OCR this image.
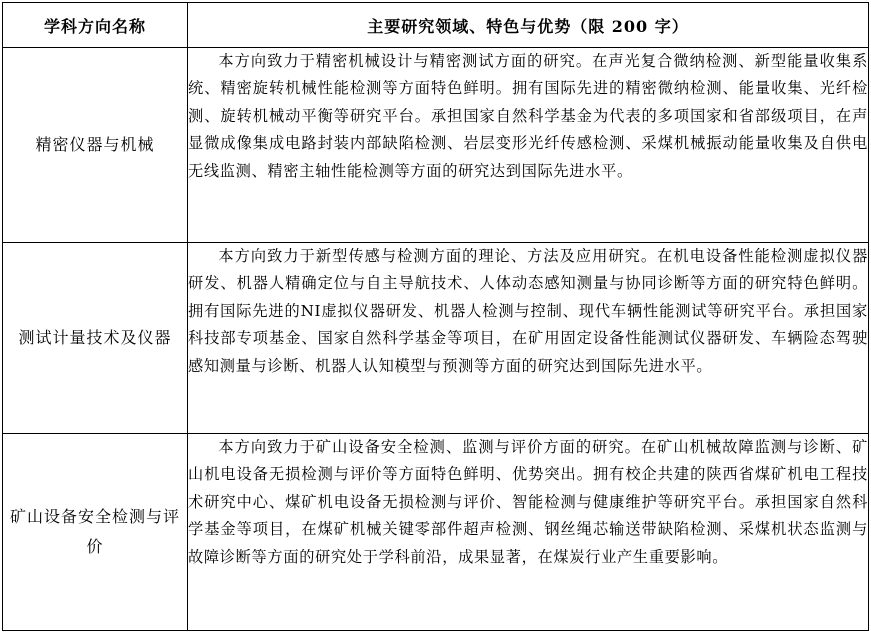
学科方向名称	主要研究领域、特色与优势（限 200 字）
精密仪器与机械	本方向致力于精密机械设计与精密测试方面的研究。在声光复合微纳检测、新型能量收集系统、精密旋转机械性能检测等方面特色鲜明。拥有国际先进的精密微纳检测、能量收集、光纤检测、旋转机械动平衡等研究平台。承担国家自然科学基金为代表的多项国家和省部级项目，在声显微成像集成电路封装内部缺陷检测、岩层变形光纤传感检测、采煤机械振动能量收集及自供电无线监测、精密主轴性能检测等方面的研究达到国际先进水平。

测试计量技术及仪器	本方向致力于新型传感与检测方面的理论、方法及应用研究。在机电设备性能检测虚拟仪器研发、机器人精确定位与自主导航技术、人体动态感知测量与协同诊断等方面的研究特色鲜明。拥有国际先进的NI虚拟仪器研发、机器人检测与控制、现代车辆性能测试等研究平台。承担国家科技部专项基金、国家自然科学基金等项目，在矿用固定设备性能测试仪器研发、车辆险态驾驶感知测量与诊断、机器人认知模型与预测等方面的研究达到国际先进水平。

矿山设备安全检测与评价	本方向致力于矿山设备安全检测、监测与评价方面的研究。在矿山机械故障监测与诊断、矿山机电设备无损检测与评价等方面特色鲜明、优势突出。拥有校企共建的陕西省煤矿机电工程技术研究中心、煤矿机电设备无损检测与评价、智能检测与健康维护等研究平台。承担国家自然科学基金等项目，在煤矿机械关键零部件超声检测、钢丝绳芯输送带缺陷检测、采煤机状态监测与故障诊断等方面的研究处于学科前沿，成果显著，在煤炭行业产生重要影响。
